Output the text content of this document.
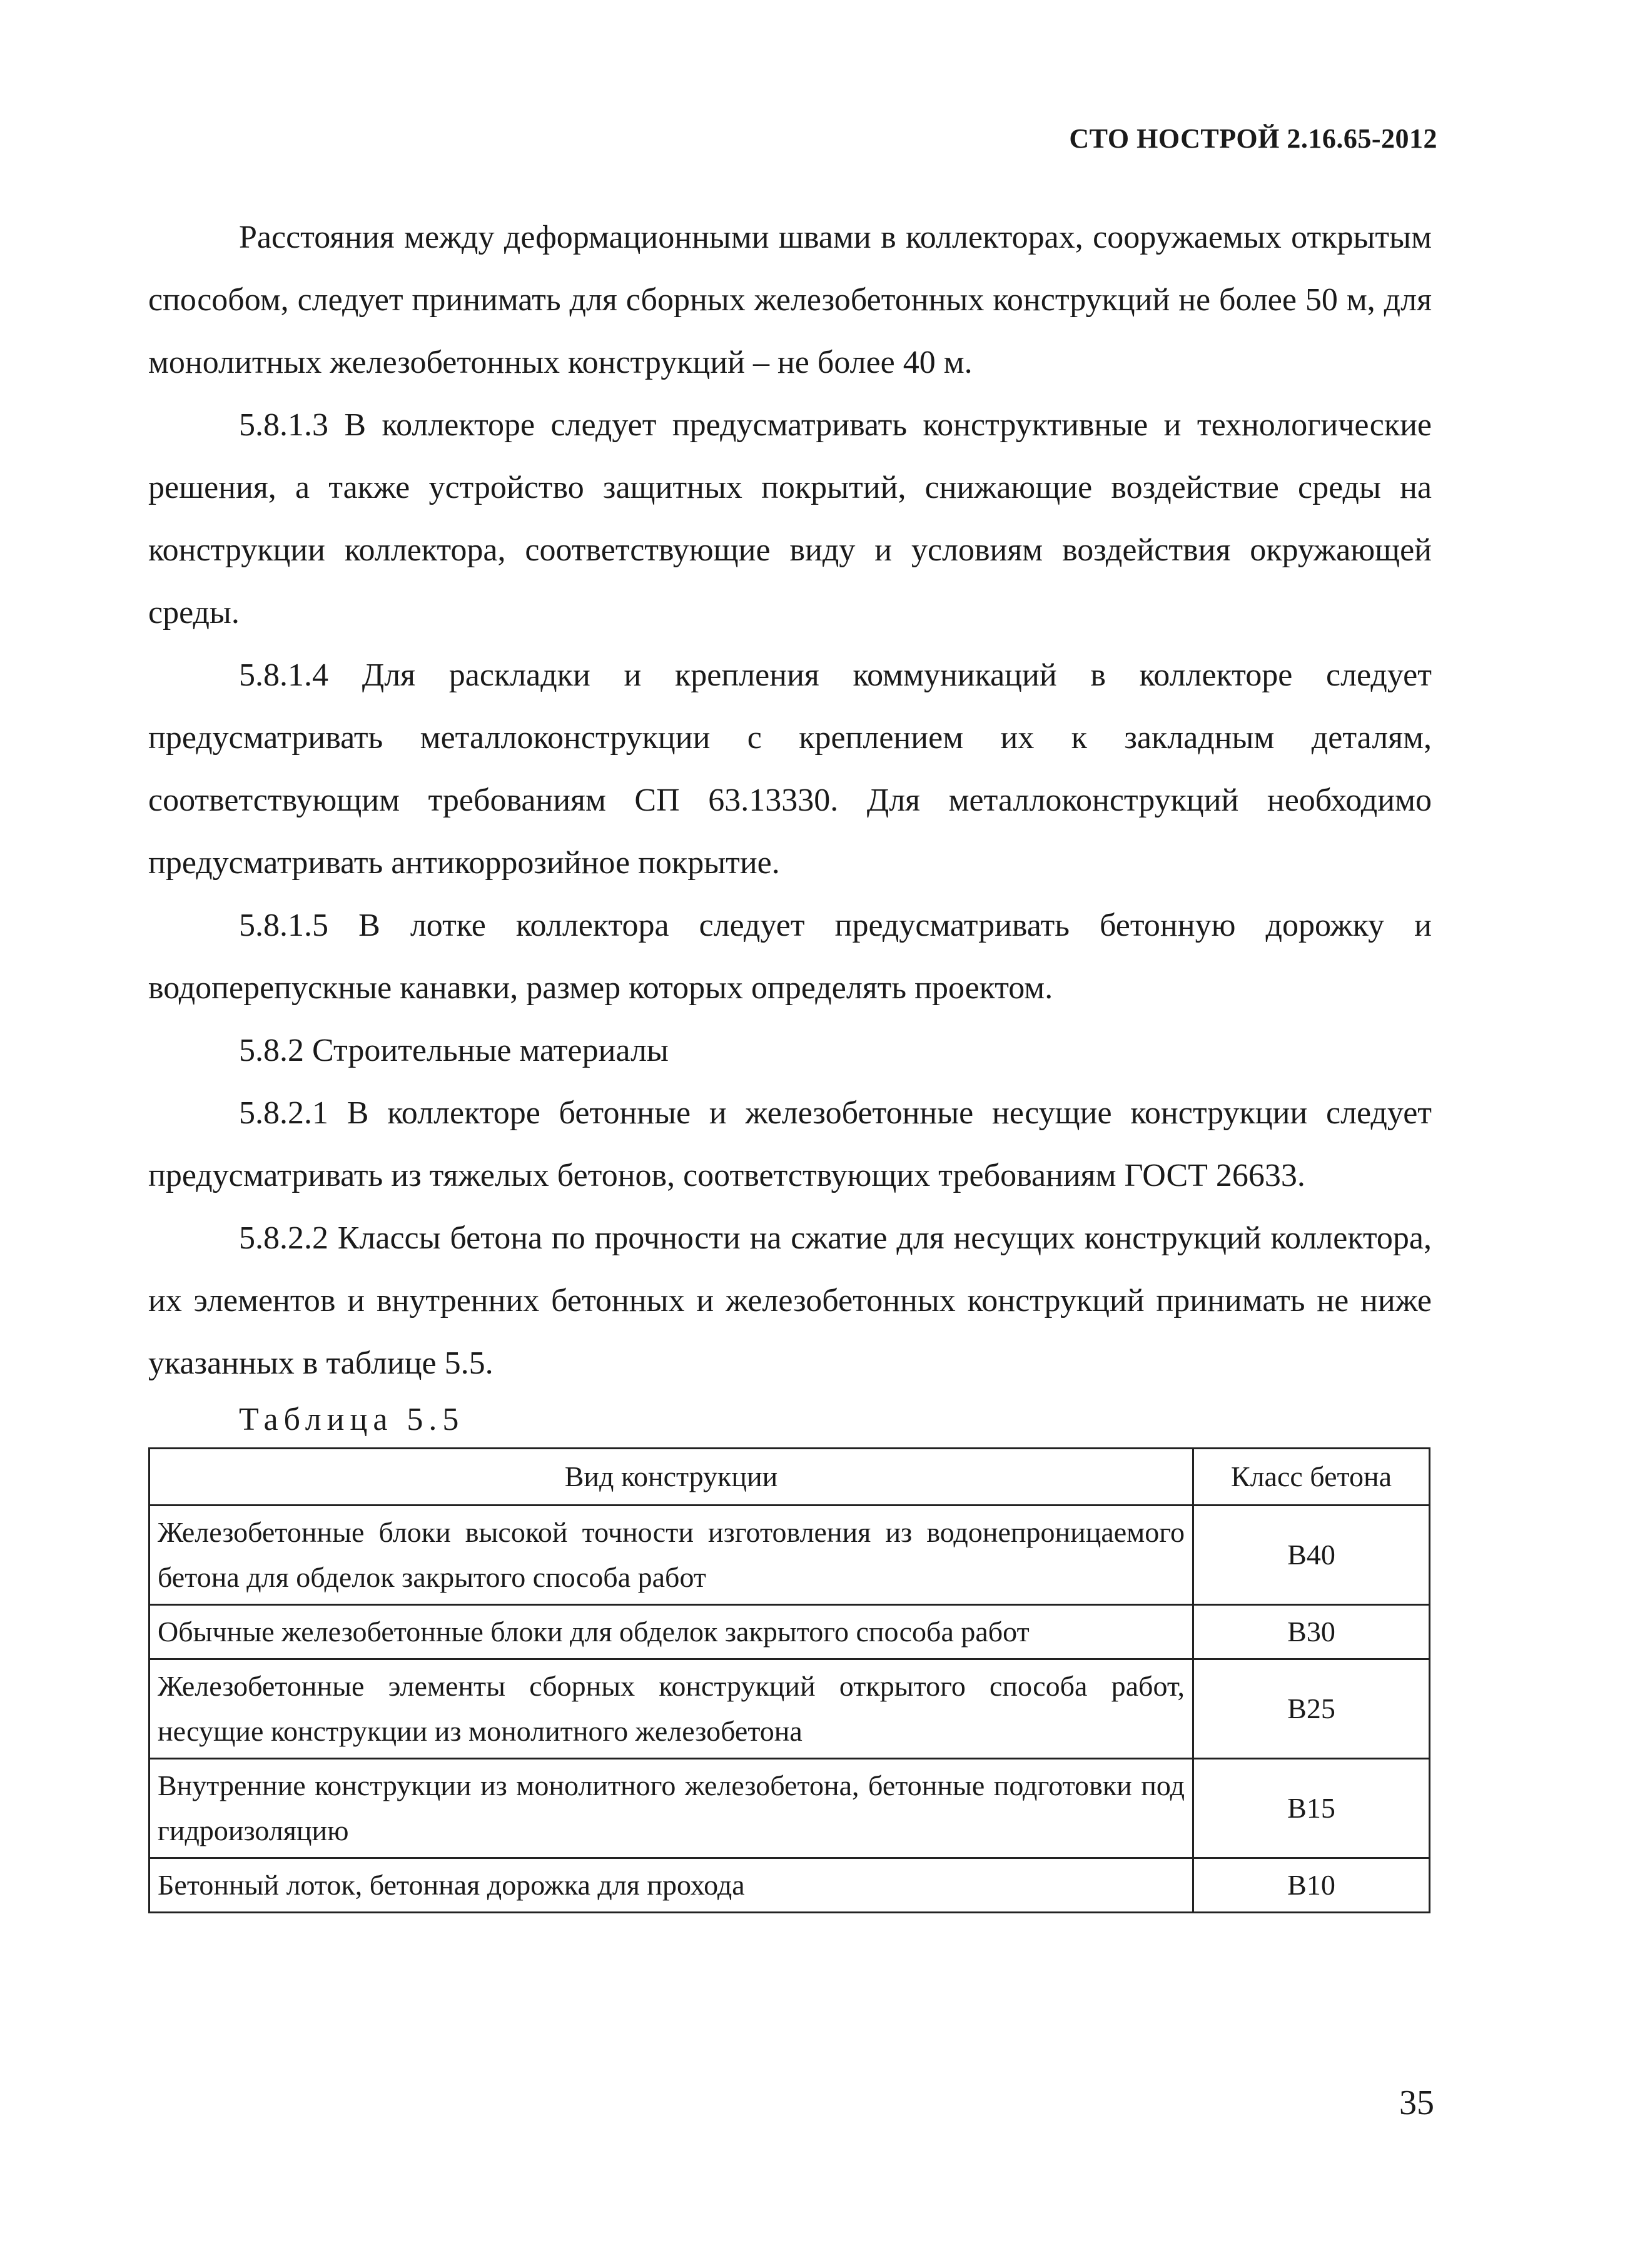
СТО НОСТРОЙ 2.16.65-2012

Расстояния между деформационными швами в коллекторах, сооружаемых открытым способом, следует принимать для сборных железобетонных конструкций не более 50 м, для монолитных железобетонных конструкций – не более 40 м.

5.8.1.3 В коллекторе следует предусматривать конструктивные и технологические решения, а также устройство защитных покрытий, снижающие воздействие среды на конструкции коллектора, соответствующие виду и условиям воздействия окружающей среды.

5.8.1.4 Для раскладки и крепления коммуникаций в коллекторе следует предусматривать металлоконструкции с креплением их к закладным деталям, соответствующим требованиям СП 63.13330. Для металлоконструкций необходимо предусматривать антикоррозийное покрытие.

5.8.1.5 В лотке коллектора следует предусматривать бетонную дорожку и водоперепускные канавки, размер которых определять проектом.

5.8.2 Строительные материалы

5.8.2.1 В коллекторе бетонные и железобетонные несущие конструкции следует предусматривать из тяжелых бетонов, соответствующих требованиям ГОСТ 26633.

5.8.2.2 Классы бетона по прочности на сжатие для несущих конструкций коллектора, их элементов и внутренних бетонных и железобетонных конструкций принимать не ниже указанных в таблице 5.5.

Таблица 5.5

Вид конструкции	Класс бетона
Железобетонные блоки высокой точности изготовления из водонепроницаемого бетона для обделок закрытого способа работ	В40
Обычные железобетонные блоки для обделок закрытого способа работ	В30
Железобетонные элементы сборных конструкций открытого способа работ, несущие конструкции из монолитного железобетона	В25
Внутренние конструкции из монолитного железобетона, бетонные подготовки под гидроизоляцию	В15
Бетонный лоток, бетонная дорожка для прохода	В10
35
